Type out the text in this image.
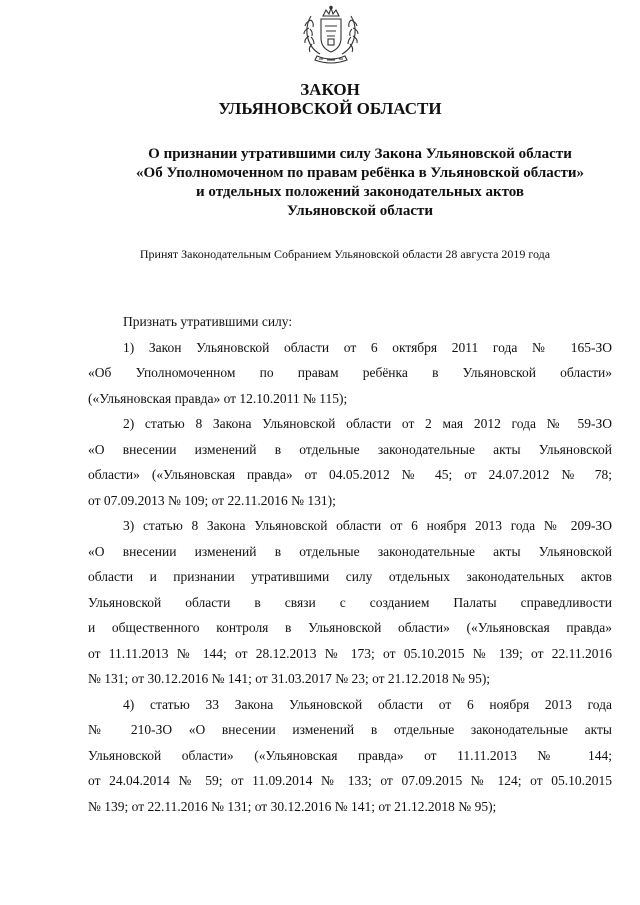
ЗАКОН
УЛЬЯНОВСКОЙ ОБЛАСТИ
О признании утратившими силу Закона Ульяновской области
«Об Уполномоченном по правам ребёнка в Ульяновской области»
и отдельных положений законодательных актов
Ульяновской области
Принят Законодательным Собранием Ульяновской области 28 августа 2019 года

Признать утратившими силу:

1) Закон Ульяновской области от 6 октября 2011 года № 165-ЗО

«Об Уполномоченном по правам ребёнка в Ульяновской области»

(«Ульяновская правда» от 12.10.2011 № 115);

2) статью 8 Закона Ульяновской области от 2 мая 2012 года № 59-ЗО

«О внесении изменений в отдельные законодательные акты Ульяновской

области» («Ульяновская правда» от 04.05.2012 № 45; от 24.07.2012 № 78;

от 07.09.2013 № 109; от 22.11.2016 № 131);

3) статью 8 Закона Ульяновской области от 6 ноября 2013 года № 209-ЗО

«О внесении изменений в отдельные законодательные акты Ульяновской

области и признании утратившими силу отдельных законодательных актов

Ульяновской области в связи с созданием Палаты справедливости

и общественного контроля в Ульяновской области» («Ульяновская правда»

от 11.11.2013 № 144; от 28.12.2013 № 173; от 05.10.2015 № 139; от 22.11.2016

№ 131; от 30.12.2016 № 141; от 31.03.2017 № 23; от 21.12.2018 № 95);

4) статью 33 Закона Ульяновской области от 6 ноября 2013 года

№ 210-ЗО «О внесении изменений в отдельные законодательные акты

Ульяновской области» («Ульяновская правда» от 11.11.2013 № 144;

от 24.04.2014 № 59; от 11.09.2014 № 133; от 07.09.2015 № 124; от 05.10.2015

№ 139; от 22.11.2016 № 131; от 30.12.2016 № 141; от 21.12.2018 № 95);
